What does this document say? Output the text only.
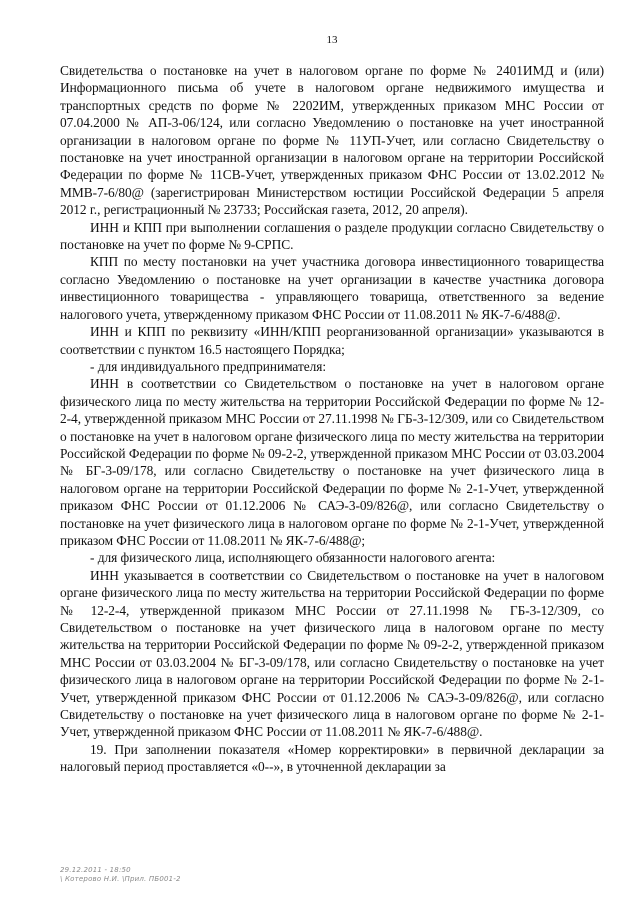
13

Свидетельства о постановке на учет в налоговом органе по форме № 2401ИМД и (или) Информационного письма об учете в налоговом органе недвижимого имущества и транспортных средств по форме № 2202ИМ, утвержденных приказом МНС России от 07.04.2000 № АП-3-06/124, или согласно Уведомлению о постановке на учет иностранной организации в налоговом органе по форме № 11УП-Учет, или согласно Свидетельству о постановке на учет иностранной организации в налоговом органе на территории Российской Федерации по форме № 11СВ-Учет, утвержденных приказом ФНС России от 13.02.2012 № ММВ-7-6/80@ (зарегистрирован Министерством юстиции Российской Федерации 5 апреля 2012 г., регистрационный № 23733; Российская газета, 2012, 20 апреля).

ИНН и КПП при выполнении соглашения о разделе продукции согласно Свидетельству о постановке на учет по форме № 9-СРПС.

КПП по месту постановки на учет участника договора инвестиционного товарищества согласно Уведомлению о постановке на учет организации в качестве участника договора инвестиционного товарищества - управляющего товарища, ответственного за ведение налогового учета, утвержденному приказом ФНС России от 11.08.2011 № ЯК-7-6/488@.

ИНН и КПП по реквизиту «ИНН/КПП реорганизованной организации» указываются в соответствии с пунктом 16.5 настоящего Порядка;

- для индивидуального предпринимателя:

ИНН в соответствии со Свидетельством о постановке на учет в налоговом органе физического лица по месту жительства на территории Российской Федерации по форме № 12-2-4, утвержденной приказом МНС России от 27.11.1998 № ГБ-3-12/309, или со Свидетельством о постановке на учет в налоговом органе физического лица по месту жительства на территории Российской Федерации по форме № 09-2-2, утвержденной приказом МНС России от 03.03.2004 № БГ-3-09/178, или согласно Свидетельству о постановке на учет физического лица в налоговом органе на территории Российской Федерации по форме № 2-1-Учет, утвержденной приказом ФНС России от 01.12.2006 № САЭ-3-09/826@, или согласно Свидетельству о постановке на учет физического лица в налоговом органе по форме № 2-1-Учет, утвержденной приказом ФНС России от 11.08.2011 № ЯК-7-6/488@;

- для физического лица, исполняющего обязанности налогового агента:

ИНН указывается в соответствии со Свидетельством о постановке на учет в налоговом органе физического лица по месту жительства на территории Российской Федерации по форме № 12-2-4, утвержденной приказом МНС России от 27.11.1998 № ГБ-3-12/309, со Свидетельством о постановке на учет физического лица в налоговом органе по месту жительства на территории Российской Федерации по форме № 09-2-2, утвержденной приказом МНС России от 03.03.2004 № БГ-3-09/178, или согласно Свидетельству о постановке на учет физического лица в налоговом органе на территории Российской Федерации по форме № 2-1-Учет, утвержденной приказом ФНС России от 01.12.2006 № САЭ-3-09/826@, или согласно Свидетельству о постановке на учет физического лица в налоговом органе по форме № 2-1-Учет, утвержденной приказом ФНС России от 11.08.2011 № ЯК-7-6/488@.

19. При заполнении показателя «Номер корректировки» в первичной декларации за налоговый период проставляется «0--», в уточненной декларации за

29.12.2011 - 18:50
\ Котерово Н.И. \Прил. ПБ001-2
